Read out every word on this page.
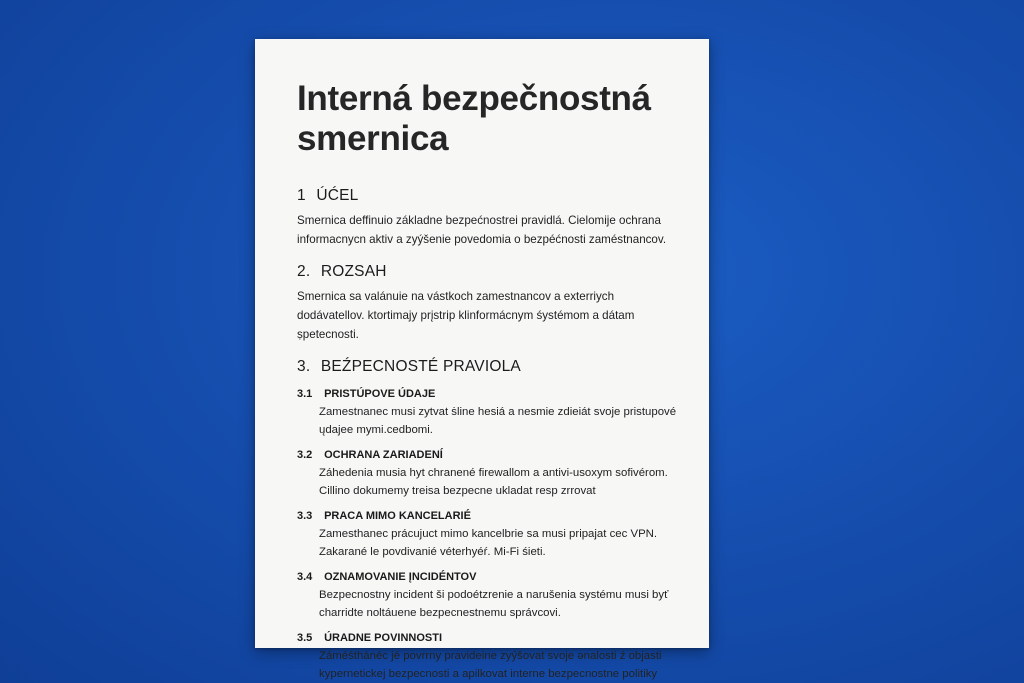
Interná bezpečnostná smernica
1 ÚĆEL

Smernica deffinuio základne bezpećnostrei pravidlá. Cielomije ochrana informacnycn aktiv a zyýšenie povedomia o bezpéćnosti zaméstnancov.

2. ROZSAH

Smernica sa valánuie na vástkoch zamestnancov a exterriych dodávatellov. ktortimajy prįstrip klinformácnym śystémom a dátam ṣpetecnosti.

3. BEŹPECNOSTÉ PRAVIOLA
3.1 PRISTÚPOVE ÚDAJE

Zamestnanec musi zytvat ṡline hesiá a nesmie zdieiát svoje pristupové ųdajee mymi.cedbomi.

3.2 OCHRANA ZARIADENÍ

Záhedenia musia hyt chranené firewallom a antivi-usoxym sofivérom. Cillino dokumemy treisa bezpecne ukladat resp zrrovat

3.3 PRACA MIMO KANCELARIÉ

Zamesthanec prácujuct mimo kancelbrie sa musi pripajat cec VPN. Zakarané le povdivanié véterhyéŕ. Mi-Fi śieti.

3.4 OZNAMOVANIE ĮNCIDÉNTOV

Bezpecnostny incident ši podoétzrenie a narušenia systému musi byť charridte noltáuene bezpecnestnemu správcovi.

3.5 ÚRADNE POVINNOSTI

Záméśthánéc jé povrrny pravideine zyýšovat svoje ənalosti ź objasti kypernetickej bezpecnosti a apilkovat interne bezpecnostne politiky
